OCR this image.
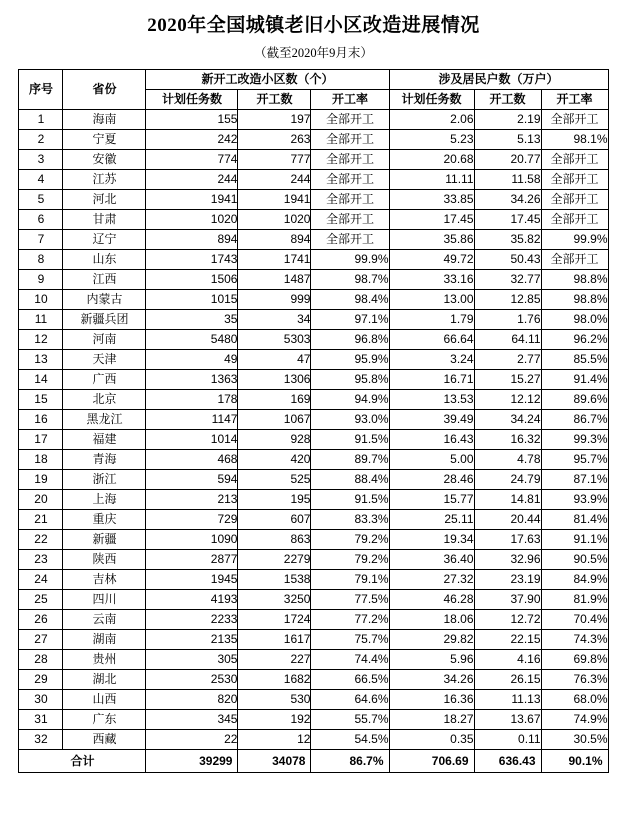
2020年全国城镇老旧小区改造进展情况
（截至2020年9月末）
序号	省份	新开工改造小区数（个）			涉及居民户数（万户）		
		计划任务数	开工数	开工率	计划任务数	开工数	开工率
1	海南	155	197	全部开工	2.06	2.19	全部开工
2	宁夏	242	263	全部开工	5.23	5.13	98.1%
3	安徽	774	777	全部开工	20.68	20.77	全部开工
4	江苏	244	244	全部开工	11.11	11.58	全部开工
5	河北	1941	1941	全部开工	33.85	34.26	全部开工
6	甘肃	1020	1020	全部开工	17.45	17.45	全部开工
7	辽宁	894	894	全部开工	35.86	35.82	99.9%
8	山东	1743	1741	99.9%	49.72	50.43	全部开工
9	江西	1506	1487	98.7%	33.16	32.77	98.8%
10	内蒙古	1015	999	98.4%	13.00	12.85	98.8%
11	新疆兵团	35	34	97.1%	1.79	1.76	98.0%
12	河南	5480	5303	96.8%	66.64	64.11	96.2%
13	天津	49	47	95.9%	3.24	2.77	85.5%
14	广西	1363	1306	95.8%	16.71	15.27	91.4%
15	北京	178	169	94.9%	13.53	12.12	89.6%
16	黑龙江	1147	1067	93.0%	39.49	34.24	86.7%
17	福建	1014	928	91.5%	16.43	16.32	99.3%
18	青海	468	420	89.7%	5.00	4.78	95.7%
19	浙江	594	525	88.4%	28.46	24.79	87.1%
20	上海	213	195	91.5%	15.77	14.81	93.9%
21	重庆	729	607	83.3%	25.11	20.44	81.4%
22	新疆	1090	863	79.2%	19.34	17.63	91.1%
23	陕西	2877	2279	79.2%	36.40	32.96	90.5%
24	吉林	1945	1538	79.1%	27.32	23.19	84.9%
25	四川	4193	3250	77.5%	46.28	37.90	81.9%
26	云南	2233	1724	77.2%	18.06	12.72	70.4%
27	湖南	2135	1617	75.7%	29.82	22.15	74.3%
28	贵州	305	227	74.4%	5.96	4.16	69.8%
29	湖北	2530	1682	66.5%	34.26	26.15	76.3%
30	山西	820	530	64.6%	16.36	11.13	68.0%
31	广东	345	192	55.7%	18.27	13.67	74.9%
32	西藏	22	12	54.5%	0.35	0.11	30.5%
合计		39299	34078	86.7%	706.69	636.43	90.1%
